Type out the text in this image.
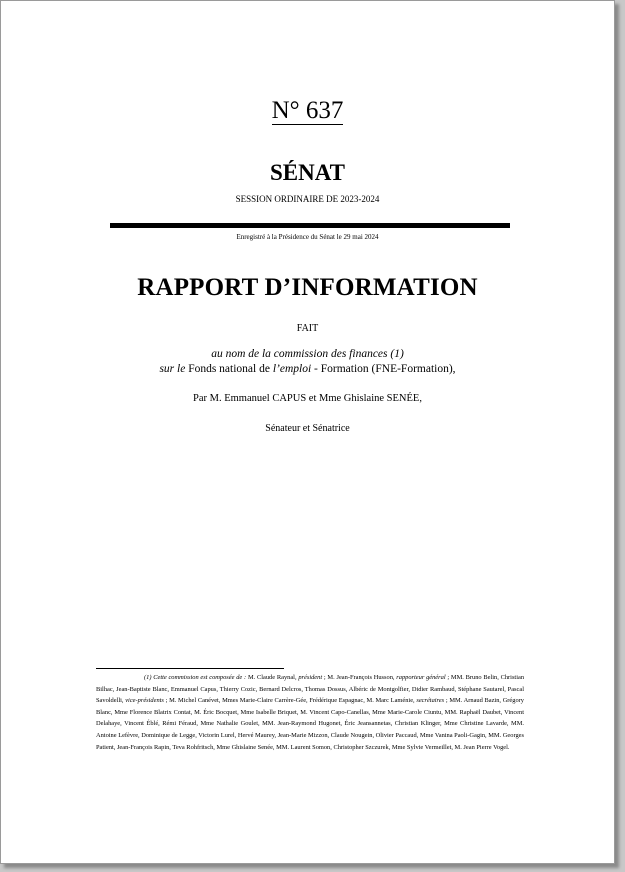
N° 637
SÉNAT
SESSION ORDINAIRE DE 2023-2024
Enregistré à la Présidence du Sénat le 29 mai 2024
RAPPORT D’INFORMATION
FAIT
au nom de la commission des finances (1)
sur le Fonds national de l’emploi - Formation (FNE-Formation),
Par M. Emmanuel CAPUS et Mme Ghislaine SENÉE,
Sénateur et Sénatrice
(1) Cette commission est composée de : M. Claude Raynal, président ; M. Jean-François Husson, rapporteur général ; MM. Bruno Belin, Christian Bilhac, Jean-Baptiste Blanc, Emmanuel Capus, Thierry Cozic, Bernard Delcros, Thomas Dossus, Albéric de Montgolfier, Didier Rambaud, Stéphane Sautarel, Pascal Savoldelli, vice-présidents ; M. Michel Canévet, Mmes Marie-Claire Carrère-Gée, Frédérique Espagnac, M. Marc Laménie, secrétaires ; MM. Arnaud Bazin, Grégory Blanc, Mme Florence Blatrix Contat, M. Éric Bocquet, Mme Isabelle Briquet, M. Vincent Capo-Canellas, Mme Marie-Carole Ciuntu, MM. Raphaël Daubet, Vincent Delahaye, Vincent Éblé, Rémi Féraud, Mme Nathalie Goulet, MM. Jean-Raymond Hugonet, Éric Jeansannetas, Christian Klinger, Mme Christine Lavarde, MM. Antoine Lefèvre, Dominique de Legge, Victorin Lurel, Hervé Maurey, Jean-Marie Mizzon, Claude Nougein, Olivier Paccaud, Mme Vanina Paoli-Gagin, MM. Georges Patient, Jean-François Rapin, Teva Rohfritsch, Mme Ghislaine Senée, MM. Laurent Somon, Christopher Szczurek, Mme Sylvie Vermeillet, M. Jean Pierre Vogel.
